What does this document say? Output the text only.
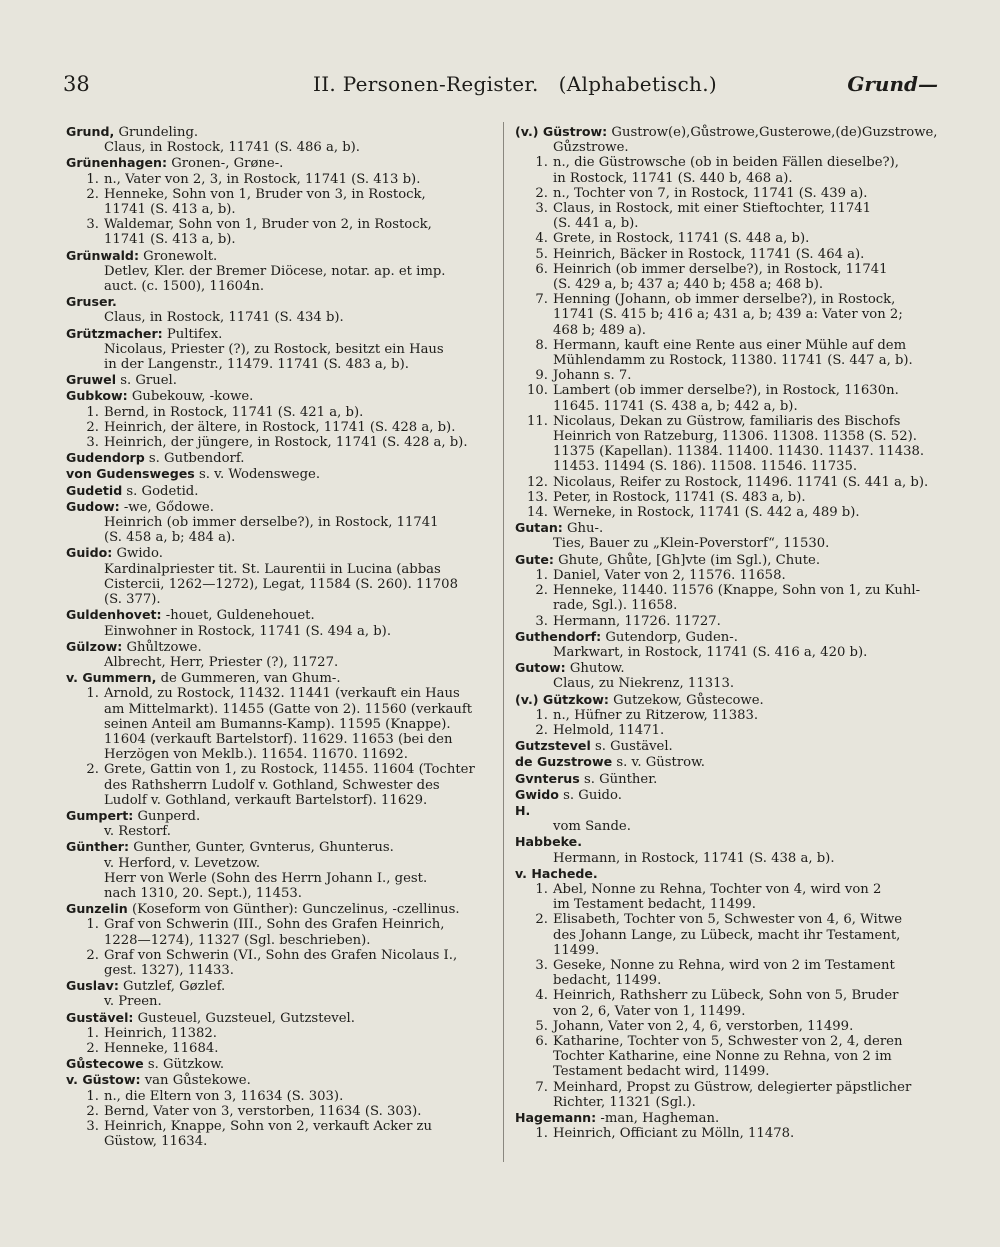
38	II. Personen-Register.   (Alphabetisch.)	Grund—
Grund, Grundeling.
Claus, in Rostock, 11741 (S. 486 a, b).
Grünenhagen: Gronen-, Grøne-.
1. n., Vater von 2, 3, in Rostock, 11741 (S. 413 b).
2. Henneke, Sohn von 1, Bruder von 3, in Rostock,
11741 (S. 413 a, b).
3. Waldemar, Sohn von 1, Bruder von 2, in Rostock,
11741 (S. 413 a, b).
Grünwald: Gronewolt.
Detlev, Kler. der Bremer Diöcese, notar. ap. et imp.
auct. (c. 1500), 11604n.
Gruser.
Claus, in Rostock, 11741 (S. 434 b).
Grützmacher: Pultifex.
Nicolaus, Priester (?), zu Rostock, besitzt ein Haus
in der Langenstr., 11479. 11741 (S. 483 a, b).
Gruwel s. Gruel.
Gubkow: Gubekouw, -kowe.
1. Bernd, in Rostock, 11741 (S. 421 a, b).
2. Heinrich, der ältere, in Rostock, 11741 (S. 428 a, b).
3. Heinrich, der jüngere, in Rostock, 11741 (S. 428 a, b).
Gudendorp s. Gutbendorf.
von Gudensweges s. v. Wodenswege.
Gudetid s. Godetid.
Gudow: -we, Gődowe.
Heinrich (ob immer derselbe?), in Rostock, 11741
(S. 458 a, b; 484 a).
Guido: Gwido.
Kardinalpriester tit. St. Laurentii in Lucina (abbas
Cistercii, 1262—1272), Legat, 11584 (S. 260). 11708
(S. 377).
Guldenhovet: -houet, Guldenehouet.
Einwohner in Rostock, 11741 (S. 494 a, b).
Gülzow: Ghůltzowe.
Albrecht, Herr, Priester (?), 11727.
v. Gummern, de Gummeren, van Ghum-.
1. Arnold, zu Rostock, 11432. 11441 (verkauft ein Haus
am Mittelmarkt). 11455 (Gatte von 2). 11560 (verkauft
seinen Anteil am Bumanns-Kamp). 11595 (Knappe).
11604 (verkauft Bartelstorf). 11629. 11653 (bei den
Herzögen von Meklb.). 11654. 11670. 11692.
2. Grete, Gattin von 1, zu Rostock, 11455. 11604 (Tochter
des Rathsherrn Ludolf v. Gothland, Schwester des
Ludolf v. Gothland, verkauft Bartelstorf). 11629.
Gumpert: Gunperd.
v. Restorf.
Günther: Gunther, Gunter, Gvnterus, Ghunterus.
v. Herford, v. Levetzow.
Herr von Werle (Sohn des Herrn Johann I., gest.
nach 1310, 20. Sept.), 11453.
Gunzelin (Koseform von Günther): Gunczelinus, -czellinus.
1. Graf von Schwerin (III., Sohn des Grafen Heinrich,
1228—1274), 11327 (Sgl. beschrieben).
2. Graf von Schwerin (VI., Sohn des Grafen Nicolaus I.,
gest. 1327), 11433.
Guslav: Gutzlef, Gøzlef.
v. Preen.
Gustävel: Gusteuel, Guzsteuel, Gutzstevel.
1. Heinrich, 11382.
2. Henneke, 11684.
Gůstecowe s. Gützkow.
v. Güstow: van Gůstekowe.
1. n., die Eltern von 3, 11634 (S. 303).
2. Bernd, Vater von 3, verstorben, 11634 (S. 303).
3. Heinrich, Knappe, Sohn von 2, verkauft Acker zu
Güstow, 11634.
(v.) Güstrow: Gustrow(e),Gůstrowe,Gusterowe,(de)Guzstrowe,
Gůzstrowe.
1. n., die Güstrowsche (ob in beiden Fällen dieselbe?),
in Rostock, 11741 (S. 440 b, 468 a).
2. n., Tochter von 7, in Rostock, 11741 (S. 439 a).
3. Claus, in Rostock, mit einer Stieftochter, 11741
(S. 441 a, b).
4. Grete, in Rostock, 11741 (S. 448 a, b).
5. Heinrich, Bäcker in Rostock, 11741 (S. 464 a).
6. Heinrich (ob immer derselbe?), in Rostock, 11741
(S. 429 a, b; 437 a; 440 b; 458 a; 468 b).
7. Henning (Johann, ob immer derselbe?), in Rostock,
11741 (S. 415 b; 416 a; 431 a, b; 439 a: Vater von 2;
468 b; 489 a).
8. Hermann, kauft eine Rente aus einer Mühle auf dem
Mühlendamm zu Rostock, 11380. 11741 (S. 447 a, b).
9. Johann s. 7.
10. Lambert (ob immer derselbe?), in Rostock, 11630n.
11645. 11741 (S. 438 a, b; 442 a, b).
11. Nicolaus, Dekan zu Güstrow, familiaris des Bischofs
Heinrich von Ratzeburg, 11306. 11308. 11358 (S. 52).
11375 (Kapellan). 11384. 11400. 11430. 11437. 11438.
11453. 11494 (S. 186). 11508. 11546. 11735.
12. Nicolaus, Reifer zu Rostock, 11496. 11741 (S. 441 a, b).
13. Peter, in Rostock, 11741 (S. 483 a, b).
14. Werneke, in Rostock, 11741 (S. 442 a, 489 b).
Gutan: Ghu-.
Ties, Bauer zu „Klein-Poverstorf“, 11530.
Gute: Ghute, Ghůte, [Gh]vte (im Sgl.), Chute.
1. Daniel, Vater von 2, 11576. 11658.
2. Henneke, 11440. 11576 (Knappe, Sohn von 1, zu Kuhl-
rade, Sgl.). 11658.
3. Hermann, 11726. 11727.
Guthendorf: Gutendorp, Guden-.
Markwart, in Rostock, 11741 (S. 416 a, 420 b).
Gutow: Ghutow.
Claus, zu Niekrenz, 11313.
(v.) Gützkow: Gutzekow, Gůstecowe.
1. n., Hüfner zu Ritzerow, 11383.
2. Helmold, 11471.
Gutzstevel s. Gustävel.
de Guzstrowe s. v. Güstrow.
Gvnterus s. Günther.
Gwido s. Guido.
H.
vom Sande.
Habbeke.
Hermann, in Rostock, 11741 (S. 438 a, b).
v. Hachede.
1. Abel, Nonne zu Rehna, Tochter von 4, wird von 2
im Testament bedacht, 11499.
2. Elisabeth, Tochter von 5, Schwester von 4, 6, Witwe
des Johann Lange, zu Lübeck, macht ihr Testament,
11499.
3. Geseke, Nonne zu Rehna, wird von 2 im Testament
bedacht, 11499.
4. Heinrich, Rathsherr zu Lübeck, Sohn von 5, Bruder
von 2, 6, Vater von 1, 11499.
5. Johann, Vater von 2, 4, 6, verstorben, 11499.
6. Katharine, Tochter von 5, Schwester von 2, 4, deren
Tochter Katharine, eine Nonne zu Rehna, von 2 im
Testament bedacht wird, 11499.
7. Meinhard, Propst zu Güstrow, delegierter päpstlicher
Richter, 11321 (Sgl.).
Hagemann: -man, Hagheman.
1. Heinrich, Officiant zu Mölln, 11478.
